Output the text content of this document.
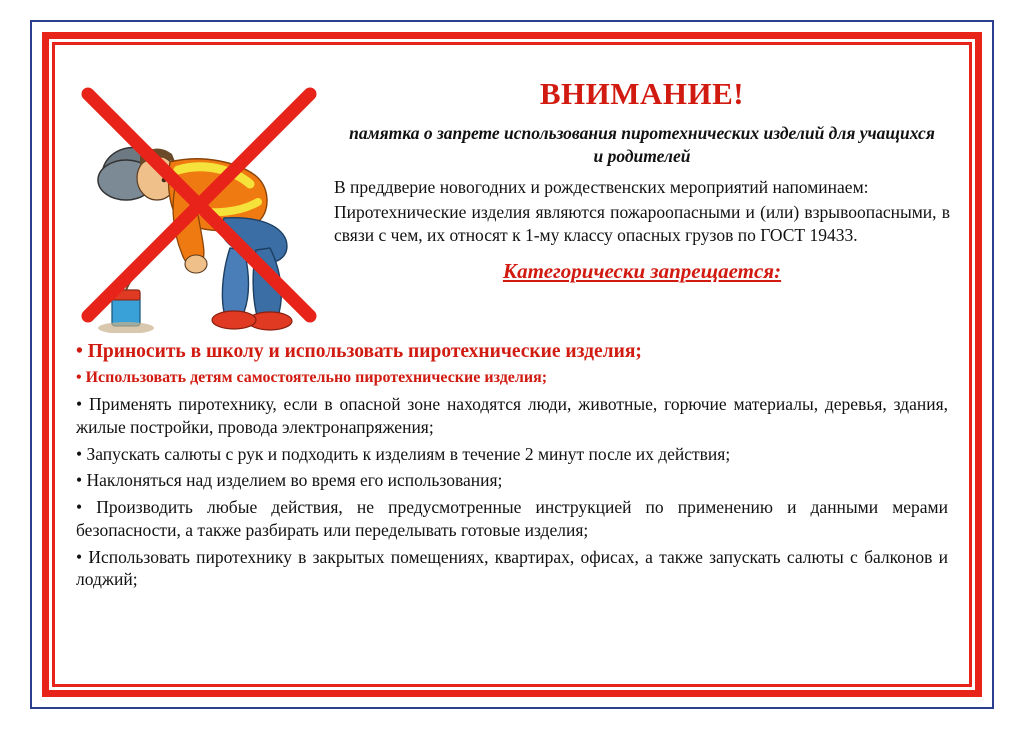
ВНИМАНИЕ!
памятка о запрете использования пиротехнических изделий для учащихся и родителей

В преддверие новогодних и рождественских мероприятий напоминаем:

Пиротехнические изделия являются пожароопасными и (или) взрывоопасными, в связи с чем, их относят к 1-му классу опасных грузов по ГОСТ 19433.

Категорически запрещается:
• Приносить в школу и использовать пиротехнические изделия;
• Использовать детям самостоятельно пиротехнические изделия;
• Применять пиротехнику, если в опасной зоне находятся люди, животные, горючие материалы, деревья, здания, жилые постройки, провода электронапряжения;
• Запускать салюты с рук и подходить к изделиям в течение 2 минут после их действия;
• Наклоняться над изделием во время его использования;
• Производить любые действия, не предусмотренные инструкцией по применению и данными мерами безопасности, а также разбирать или переделывать готовые изделия;
• Использовать пиротехнику в закрытых помещениях, квартирах, офисах, а также запускать салюты с балконов и лоджий;
